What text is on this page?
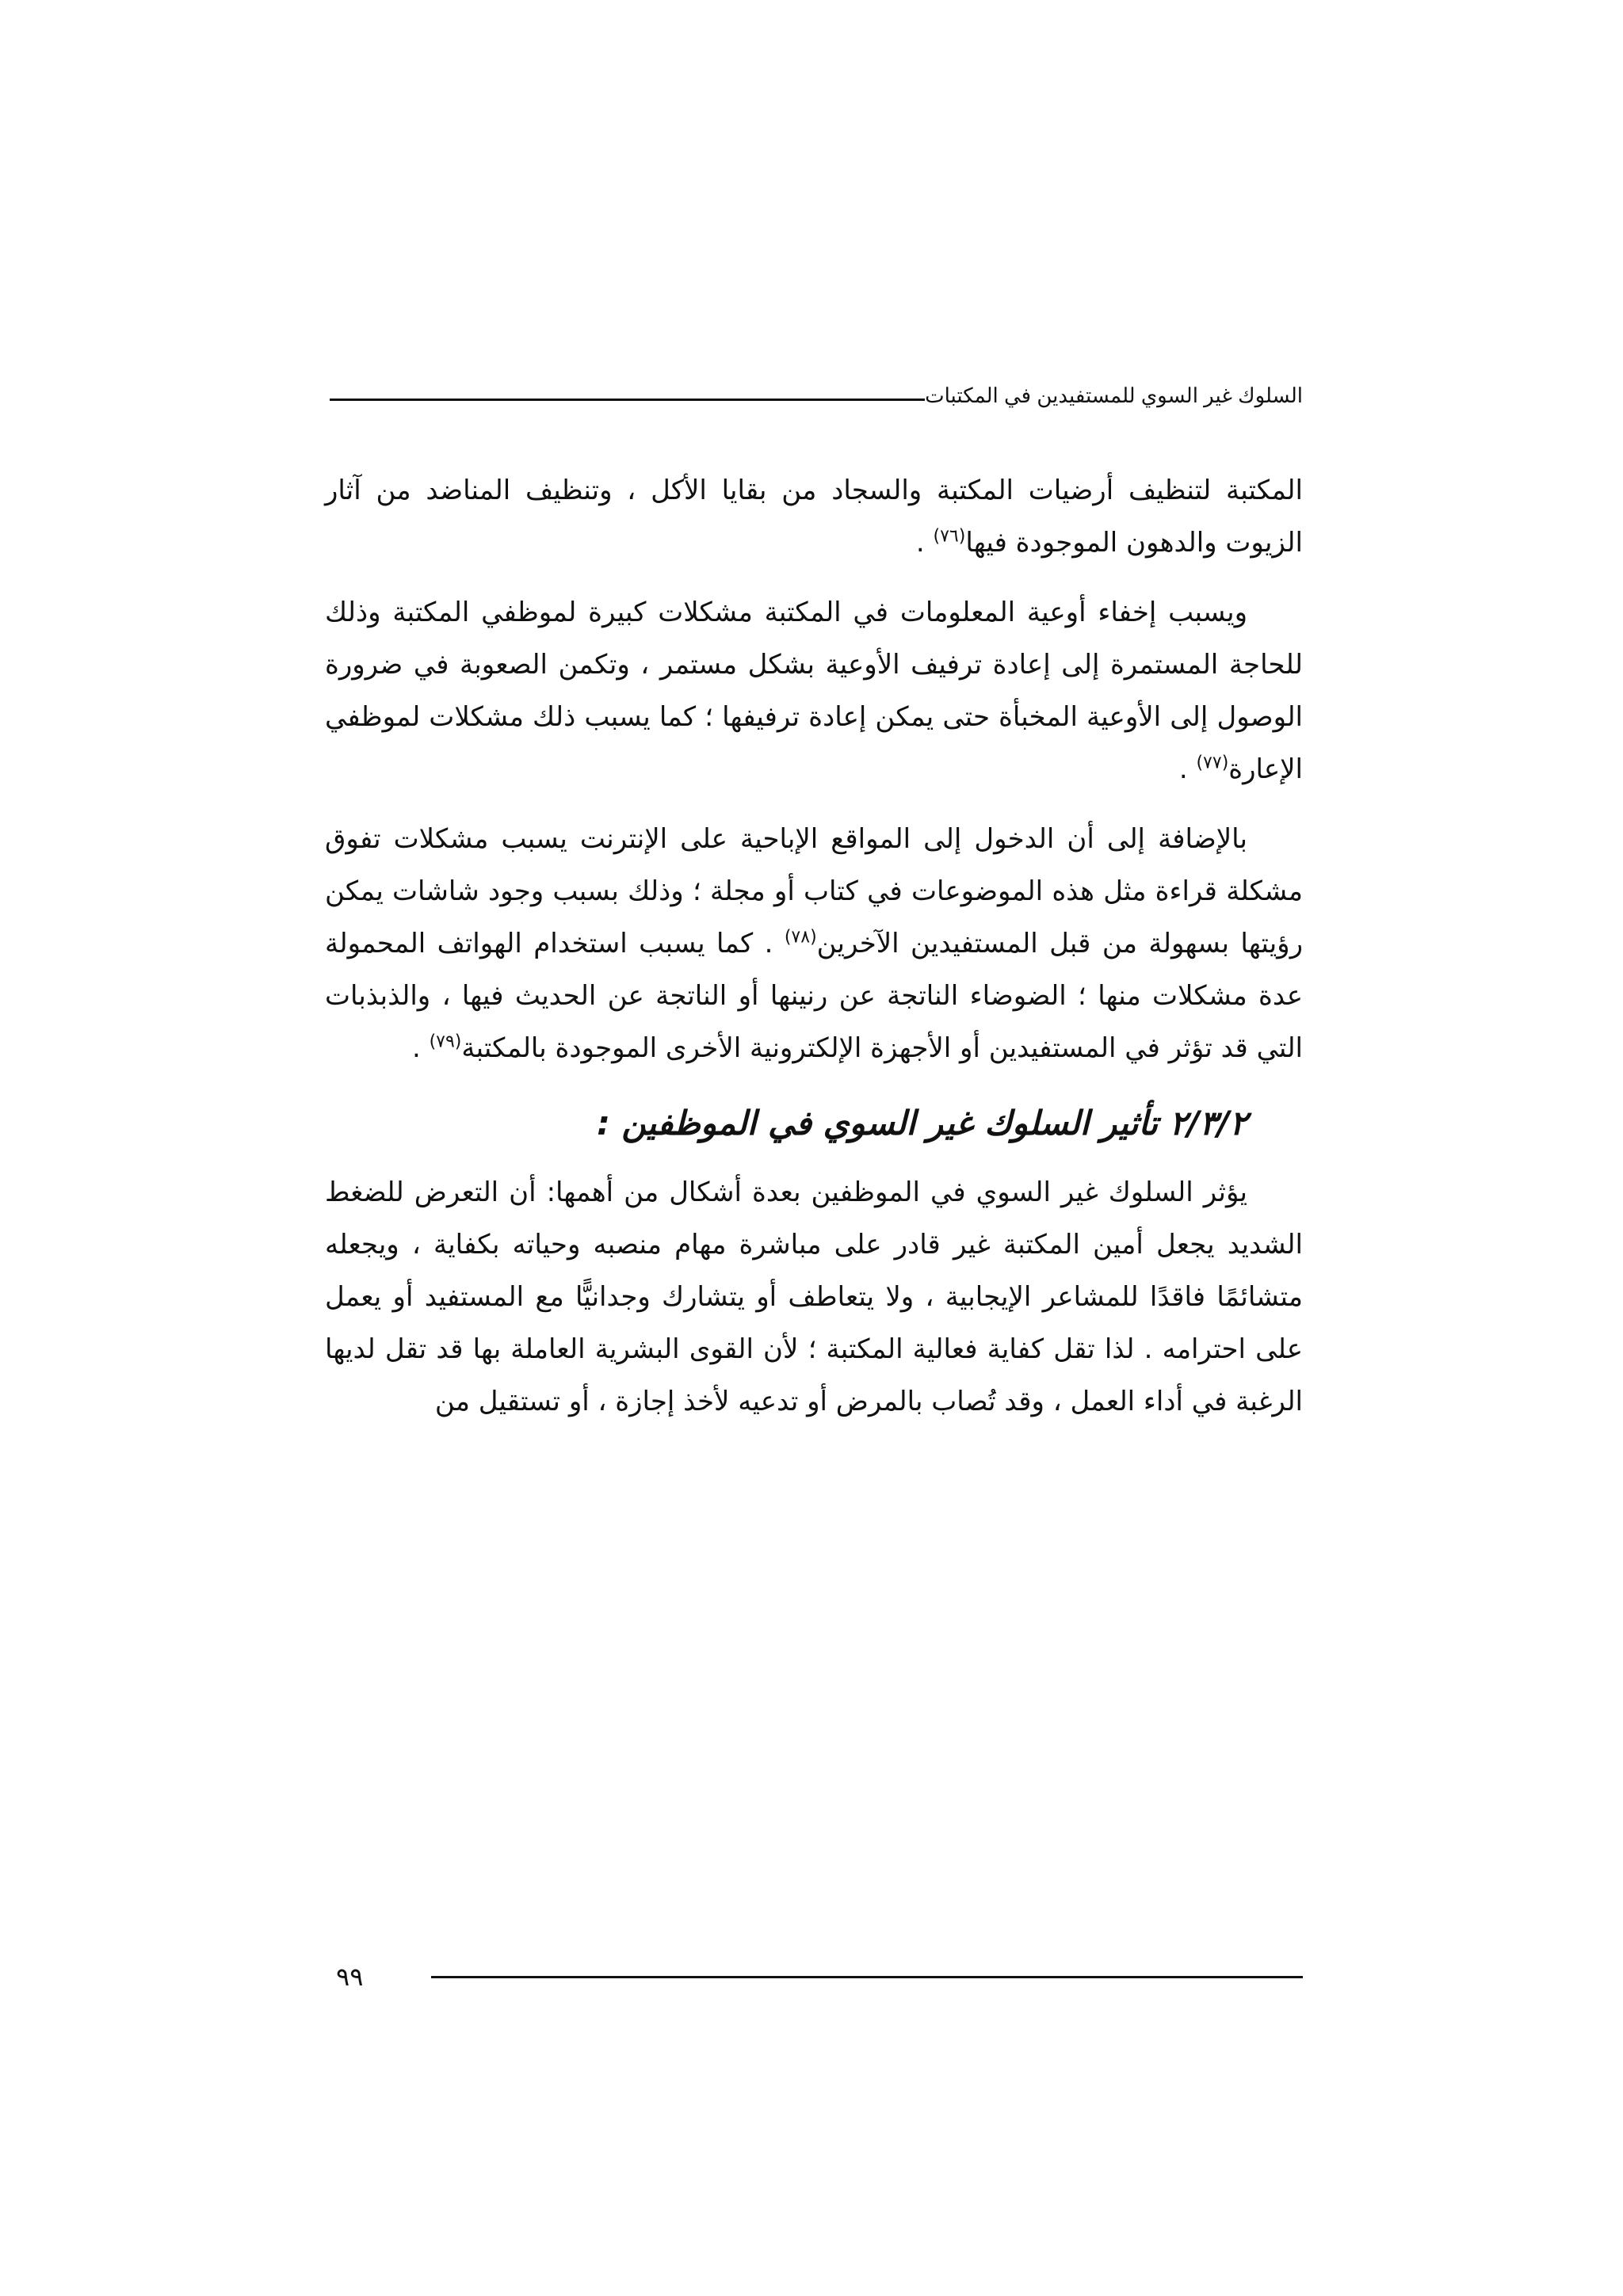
السلوك غير السوي للمستفيدين في المكتبات

المكتبة لتنظيف أرضيات المكتبة والسجاد من بقايا الأكل ، وتنظيف المناضد من آثار الزيوت والدهون الموجودة فيها$^{(٧٦)}$ .

ويسبب إخفاء أوعية المعلومات في المكتبة مشكلات كبيرة لموظفي المكتبة وذلك للحاجة المستمرة إلى إعادة ترفيف الأوعية بشكل مستمر ، وتكمن الصعوبة في ضرورة الوصول إلى الأوعية المخبأة حتى يمكن إعادة ترفيفها ؛ كما يسبب ذلك مشكلات لموظفي الإعارة$^{(٧٧)}$ .

بالإضافة إلى أن الدخول إلى المواقع الإباحية على الإنترنت يسبب مشكلات تفوق مشكلة قراءة مثل هذه الموضوعات في كتاب أو مجلة ؛ وذلك بسبب وجود شاشات يمكن رؤيتها بسهولة من قبل المستفيدين الآخرين$^{(٧٨)}$ . كما يسبب استخدام الهواتف المحمولة عدة مشكلات منها ؛ الضوضاء الناتجة عن رنينها أو الناتجة عن الحديث فيها ، والذبذبات التي قد تؤثر في المستفيدين أو الأجهزة الإلكترونية الأخرى الموجودة بالمكتبة$^{(٧٩)}$ .

٢/٣/٢ تأثير السلوك غير السوي في الموظفين :

يؤثر السلوك غير السوي في الموظفين بعدة أشكال من أهمها: أن التعرض للضغط الشديد يجعل أمين المكتبة غير قادر على مباشرة مهام منصبه وحياته بكفاية ، ويجعله متشائمًا فاقدًا للمشاعر الإيجابية ، ولا يتعاطف أو يتشارك وجدانيًّا مع المستفيد أو يعمل على احترامه . لذا تقل كفاية فعالية المكتبة ؛ لأن القوى البشرية العاملة بها قد تقل لديها الرغبة في أداء العمل ، وقد تُصاب بالمرض أو تدعيه لأخذ إجازة ، أو تستقيل من

٩٩
